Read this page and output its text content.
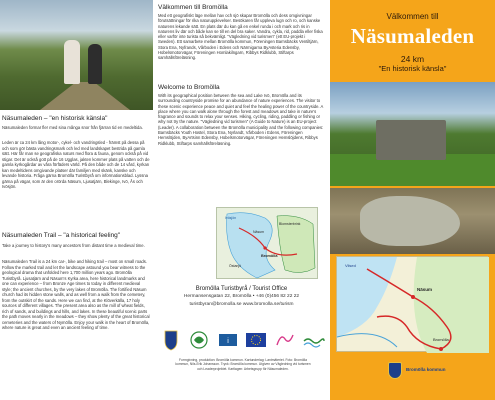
Näsumaleden – "en historisk känsla"
Näsumaleden formar fler med sina många snor från fjärran tid en medeltida.
Leden är ca 24 km lång motor-, cykel- och vandringsled - främst på dessa på och som gör bästa vandringsmark och led med landskapet bestrida på gamla sätt. Här får man se geografiska naturs med flora & fauna, genom också på vid stigar. Det är också gott på de 16 Ugglas, jakten kommer plats på vatten och de gamla kyrkogårdar av våra förfäders värld. På den både och de 14 vård, kyrkan kan medeltidens omgivande platser där familjen med skänk, kanske och levande historia. Fråga gärna Bromölla Turistbyrå om informationsblad. Lyssna gärna på vägar, som är den orörda Näsum, Ljusatjärn, Blekinge, Ivö, Ås och Ivösjön.
Näsumaleden Trail – "a historical feeling"
Take a journey to history's many ancestors from distant time a medieval time.
Näsumaleden Trail is a 24 km car-, bike and hiking trail – most on small roads. Follow the marked trail and let the landscape astound you bear witness to the geological drama that unfolded here 1,700 million years ago. Bromölla Turistbyrå. Ljusatjärn and Näsum's Kyrka area, here historical landmarks and one can experience – from Bronze Age times to today in different medieval style; the ancient churches, by the very lakes of Bromölla. The fortified Näsum church had its hidden stone walls, and as well from a walk from the cemetery, from the outskirt of the sands. Here we can find, at the Klöverkälla, 17 holy sources of different villages. The present area also as the mill of wheat fields, rich of sands, and buildings and hills, and lakes. In these beautiful scenic parts the path moves nearly in the meadows – they show plenty of the great historical cemeteries and the waters of Nymölla. Enjoy your walk in the heart of Bromölla, where nature is great and even an ancient feeling of time.
Välkommen till Bromölla
Med ett geografiskt läge mellan hav och sjö skapar Bromölla och dess omgivningar förutsättningar för rika naturupplevelser. Besökaren får uppleva lugn och ro, och kanske naturens lekande sätt. En plats där du kan gå en enkel runda i och mark och ris in naturens liv där och både kan se till en del bra saker. Vandra, cykla, rid, paddla eller fiska eller varför inte turista så bekvämligt. "Vägledning vid turismen" (ett EU-projekt i Sweden). Ett samarbete mellan Bromölla kommun, Föreningen Barnsbäcks Ventiltjärn, Stora Ena, Nyfrands, Vårboden i Edens och Närmigarna ByAsteria Edensby, Hobelsmotorvägar, Föreningen Homlakilngarn, Ribbys Ridklubb, Stiftarps samhällsföreläsning.
Welcome to Bromölla
With its geographical position between the sea and Lake Ivö, Bromölla and its surrounding countryside promise for an abundance of nature experiences. The visitor to these scenic experience peace and quiet and feel the healing power of the countryside. A place where you can walk alone through the forest and meadows and take in nature's fragrance and sounds to relax your senses. Hiking, cycling, riding, paddling or fishing or why not try the nature. "Vägledning vid turismen" (A Guide to Nature) is an EU-project (Leader). A collaboration between the Bromölla municipality and the following companies: Barnsbäcks Youth Hostel, Stora Ena, Nyrlandt, Vårboden i Edens, Föreningen Hemslöjden, ByArtsinn Edensby, Hobelsmotorvägar, Föreningen Hemslöjdens, Ribbys Ridklubb, Stiftarps samhällsföreläsning.
Ivösjön
Näsum
Blomsterbrink
Bromölla
Östanjö
Bromölla Turistbyrå / Tourist Office
Hermansensgatan 22, Bromölla • +46 (0)456 82 22 22
turistbyran@bromolla.se www.bromolla.se/turism
i
Formgivning, produktion: Bromölla kommun. Kartunderlag: Lantmäteriet. Foto: Bromölla kommun, Nils-Erik Johansson. Tryck: Bromölla kommun. Utgiven av Vägledning vid turismen och Leaderprojektet. Kartlagen: Arbetsgrupp för Näsumaleden.
Välkommen till
Näsumaleden
24 km
"En historisk känsla"
Vilsed
Näsum
Bromölla
Bromölla kommun
